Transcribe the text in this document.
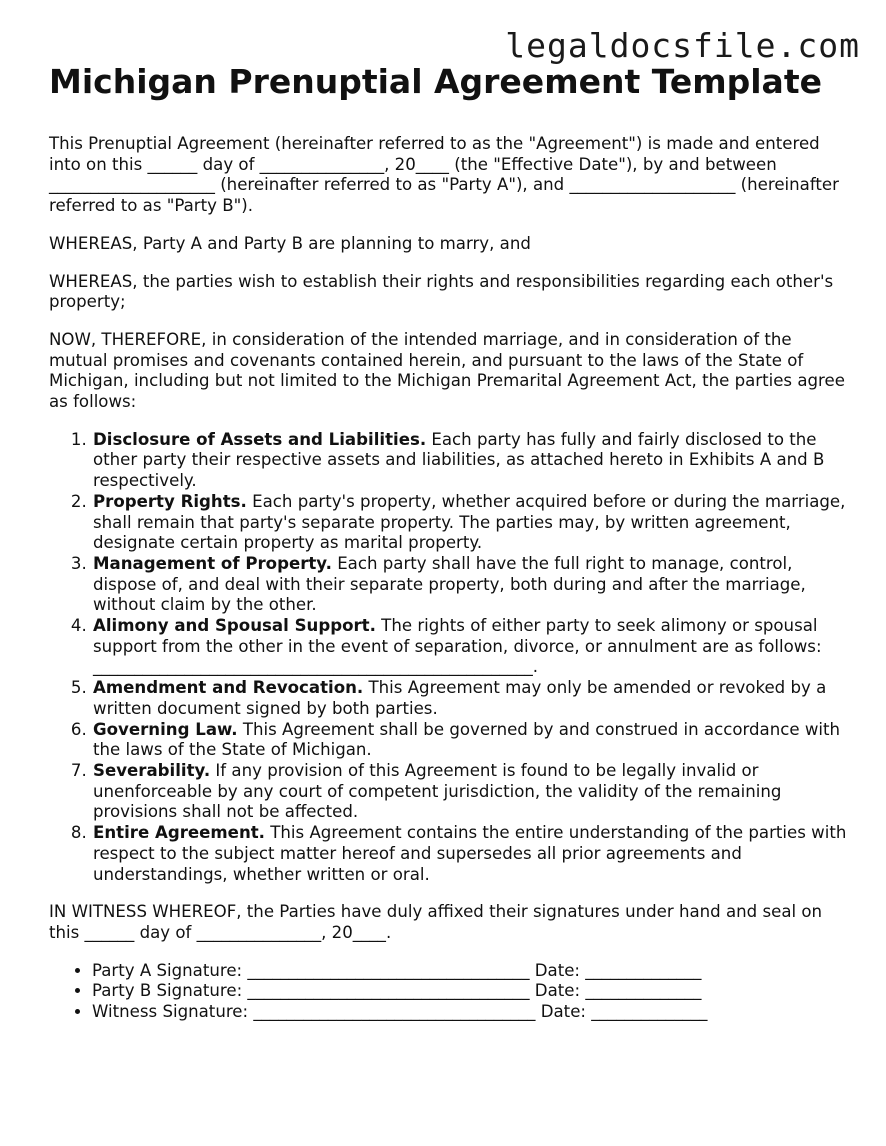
legaldocsfile.com
Michigan Prenuptial Agreement Template

This Prenuptial Agreement (hereinafter referred to as the "Agreement") is made and entered into on this ______ day of _______________, 20____ (the "Effective Date"), by and between ____________________ (hereinafter referred to as "Party A"), and ____________________ (hereinafter referred to as "Party B").

WHEREAS, Party A and Party B are planning to marry, and

WHEREAS, the parties wish to establish their rights and responsibilities regarding each other's property;

NOW, THEREFORE, in consideration of the intended marriage, and in consideration of the mutual promises and covenants contained herein, and pursuant to the laws of the State of Michigan, including but not limited to the Michigan Premarital Agreement Act, the parties agree as follows:

1. Disclosure of Assets and Liabilities. Each party has fully and fairly disclosed to the other party their respective assets and liabilities, as attached hereto in Exhibits A and B respectively.
2. Property Rights. Each party's property, whether acquired before or during the marriage, shall remain that party's separate property. The parties may, by written agreement, designate certain property as marital property.
3. Management of Property. Each party shall have the full right to manage, control, dispose of, and deal with their separate property, both during and after the marriage, without claim by the other.
4. Alimony and Spousal Support. The rights of either party to seek alimony or spousal support from the other in the event of separation, divorce, or annulment are as follows: _____________________________________________________.
5. Amendment and Revocation. This Agreement may only be amended or revoked by a written document signed by both parties.
6. Governing Law. This Agreement shall be governed by and construed in accordance with the laws of the State of Michigan.
7. Severability. If any provision of this Agreement is found to be legally invalid or unenforceable by any court of competent jurisdiction, the validity of the remaining provisions shall not be affected.
8. Entire Agreement. This Agreement contains the entire understanding of the parties with respect to the subject matter hereof and supersedes all prior agreements and understandings, whether written or oral.

IN WITNESS WHEREOF, the Parties have duly affixed their signatures under hand and seal on this ______ day of _______________, 20____.

• Party A Signature: __________________________________ Date: ______________
• Party B Signature: __________________________________ Date: ______________
• Witness Signature: __________________________________ Date: ______________
